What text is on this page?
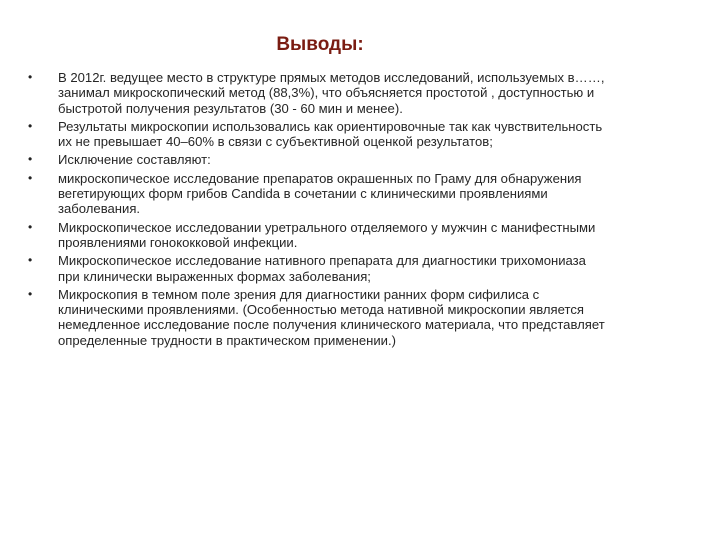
Выводы:
• В 2012г. ведущее место в структуре прямых методов исследований, используемых в……, занимал микроскопический метод (88,3%), что объясняется простотой , доступностью и быстротой получения результатов (30 - 60 мин и менее).
• Результаты микроскопии использовались как ориентировочные так как чувствительность их не превышает 40–60% в связи с субъективной оценкой результатов;
• Исключение составляют:
• микроскопическое исследование препаратов окрашенных по Граму для обнаружения вегетирующих форм грибов Candida в сочетании с клиническими проявлениями заболевания.
• Микроскопическое исследовании уретрального отделяемого у мужчин с манифестными проявлениями гонококковой инфекции.
• Микроскопическое исследование нативного препарата для диагностики трихомониаза при клинически выраженных формах заболевания;
• Микроскопия в темном поле зрения для диагностики ранних форм сифилиса с клиническими проявлениями. (Особенностью метода нативной микроскопии является немедленное исследование после получения клинического материала, что представляет определенные трудности в практическом применении.)
